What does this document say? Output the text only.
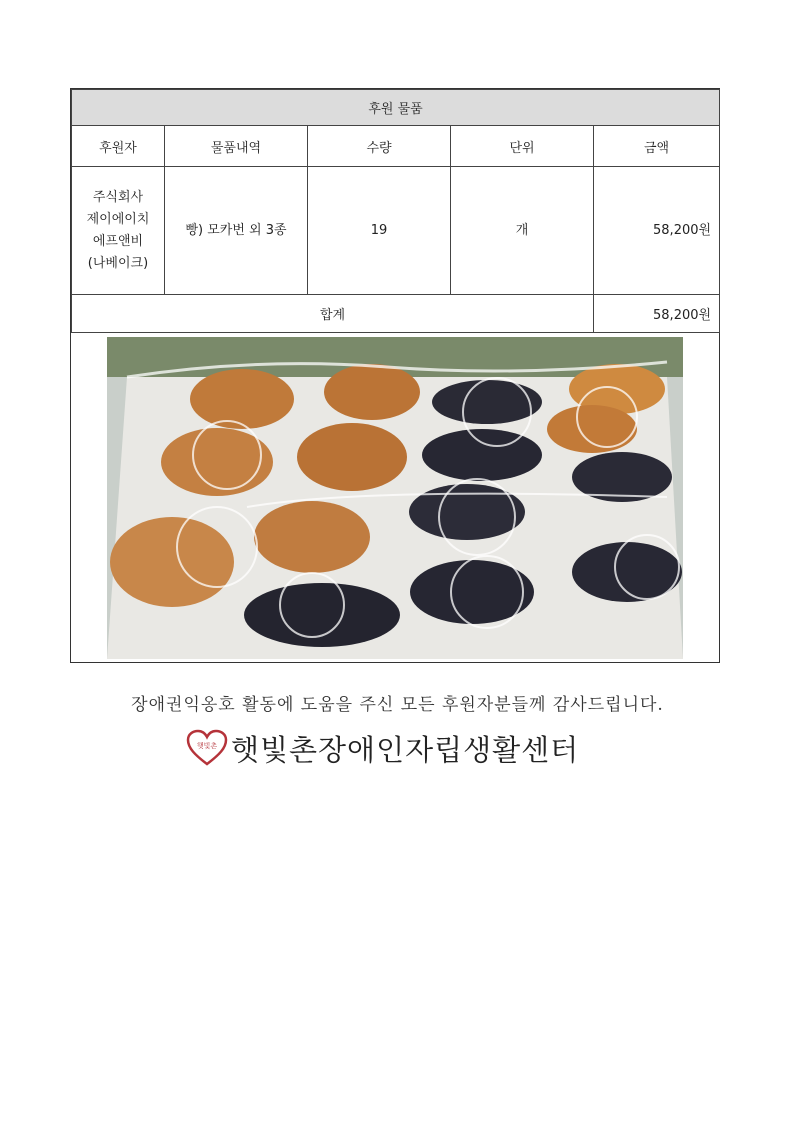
후원 물품				
후원자	물품내역	수량	단위	금액

주식회사
제이에이치
에프앤비
(나베이크)	빵) 모카번 외 3종	19	개	58,200원
합계				58,200원
장애권익옹호 활동에 도움을 주신 모든 후원자분들께 감사드립니다.
햇빛촌 햇빛촌장애인자립생활센터
